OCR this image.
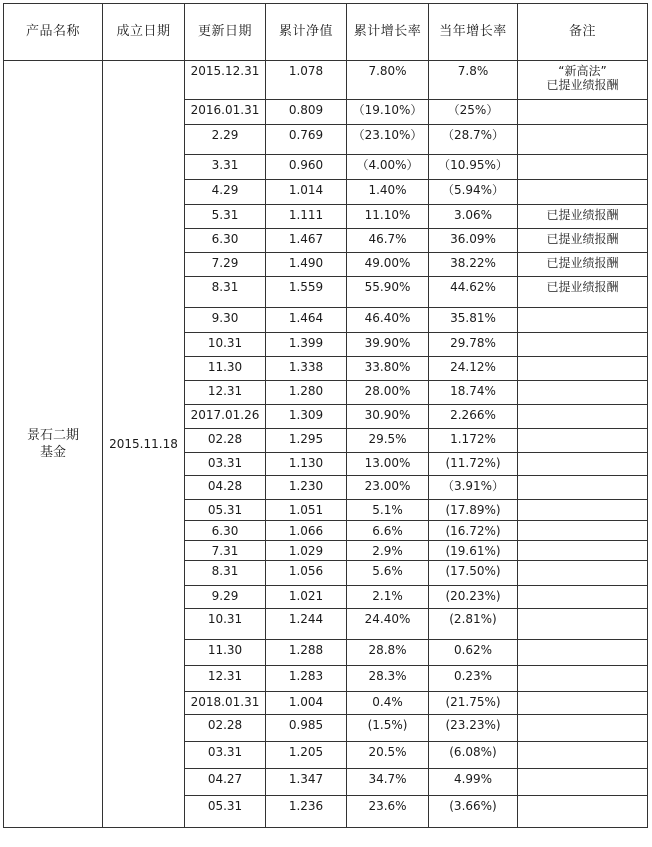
产品名称	成立日期	更新日期	累计净值	累计增长率	当年增长率	备注

景石二期
基金	2015.11.18	2015.12.31	1.078	7.80%	7.8%	“新高法”
已提业绩报酬

		2016.01.31	0.809	（19.10%）	（25%）	

		2.29	0.769	（23.10%）	（28.7%）	

		3.31	0.960	（4.00%）	（10.95%）	

		4.29	1.014	1.40%	（5.94%）	

		5.31	1.111	11.10%	3.06%	已提业绩报酬

		6.30	1.467	46.7%	36.09%	已提业绩报酬

		7.29	1.490	49.00%	38.22%	已提业绩报酬

		8.31	1.559	55.90%	44.62%	已提业绩报酬

		9.30	1.464	46.40%	35.81%	

		10.31	1.399	39.90%	29.78%	

		11.30	1.338	33.80%	24.12%	

		12.31	1.280	28.00%	18.74%	

		2017.01.26	1.309	30.90%	2.266%	

		02.28	1.295	29.5%	1.172%	

		03.31	1.130	13.00%	(11.72%)	

		04.28	1.230	23.00%	（3.91%）	

		05.31	1.051	5.1%	(17.89%)	

		6.30	1.066	6.6%	(16.72%)	

		7.31	1.029	2.9%	(19.61%)	

		8.31	1.056	5.6%	(17.50%)	

		9.29	1.021	2.1%	(20.23%)	

		10.31	1.244	24.40%	(2.81%)	

		11.30	1.288	28.8%	0.62%	

		12.31	1.283	28.3%	0.23%	

		2018.01.31	1.004	0.4%	(21.75%)	

		02.28	0.985	(1.5%)	(23.23%)	

		03.31	1.205	20.5%	(6.08%)	

		04.27	1.347	34.7%	4.99%	

		05.31	1.236	23.6%	(3.66%)	
